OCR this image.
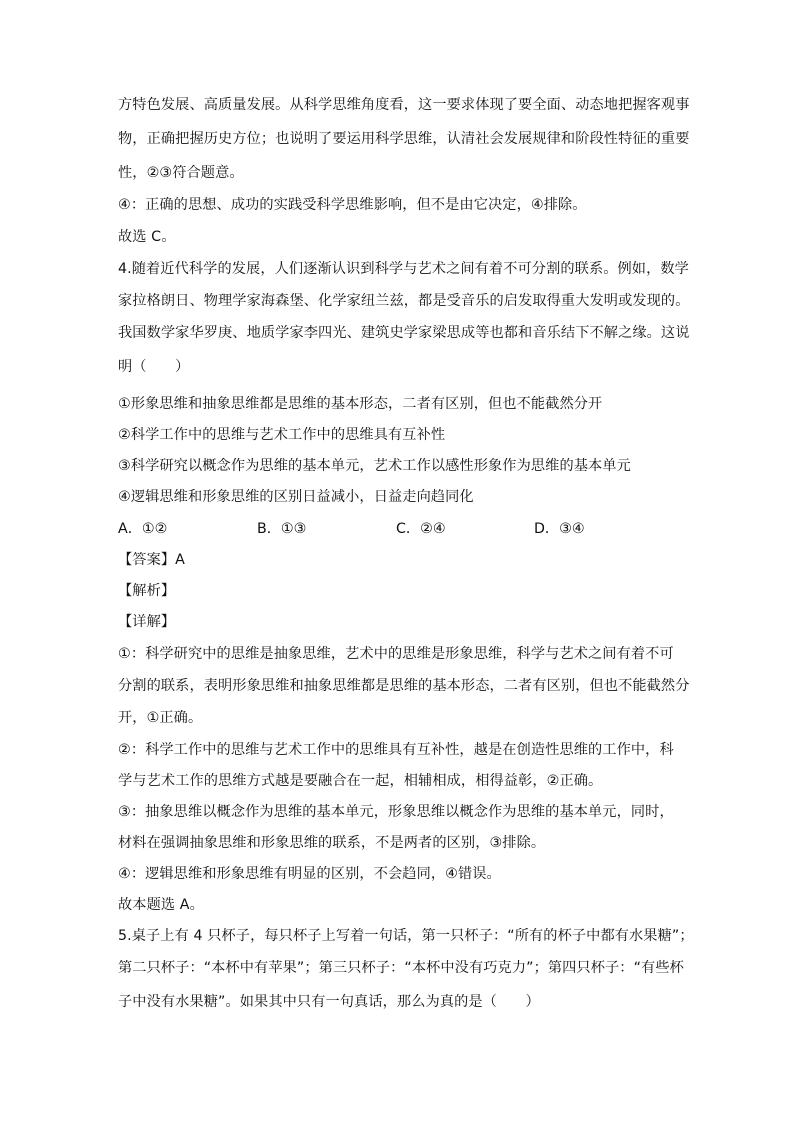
方特色发展、高质量发展。从科学思维角度看，这一要求体现了要全面、动态地把握客观事
物，正确把握历史方位；也说明了要运用科学思维，认清社会发展规律和阶段性特征的重要
性，②③符合题意。
④：正确的思想、成功的实践受科学思维影响，但不是由它决定，④排除。
故选 C。
4.随着近代科学的发展，人们逐渐认识到科学与艺术之间有着不可分割的联系。例如，数学
家拉格朗日、物理学家海森堡、化学家纽兰兹，都是受音乐的启发取得重大发明或发现的。
我国数学家华罗庚、地质学家李四光、建筑史学家梁思成等也都和音乐结下不解之缘。这说
明（　　）
①形象思维和抽象思维都是思维的基本形态，二者有区别，但也不能截然分开
②科学工作中的思维与艺术工作中的思维具有互补性
③科学研究以概念作为思维的基本单元，艺术工作以感性形象作为思维的基本单元
④逻辑思维和形象思维的区别日益减小，日益走向趋同化
A．①②	B．①③	C．②④	D．③④
【答案】A
【解析】
【详解】
①：科学研究中的思维是抽象思维，艺术中的思维是形象思维，科学与艺术之间有着不可
分割的联系，表明形象思维和抽象思维都是思维的基本形态，二者有区别，但也不能截然分
开，①正确。
②：科学工作中的思维与艺术工作中的思维具有互补性，越是在创造性思维的工作中，科
学与艺术工作的思维方式越是要融合在一起，相辅相成，相得益彰，②正确。
③：抽象思维以概念作为思维的基本单元，形象思维以概念作为思维的基本单元，同时，
材料在强调抽象思维和形象思维的联系，不是两者的区别，③排除。
④：逻辑思维和形象思维有明显的区别，不会趋同，④错误。
故本题选 A。
5.桌子上有 4 只杯子，每只杯子上写着一句话，第一只杯子：“所有的杯子中都有水果糖”；
第二只杯子：“本杯中有苹果”；第三只杯子：“本杯中没有巧克力”；第四只杯子：“有些杯
子中没有水果糖”。如果其中只有一句真话，那么为真的是（　　）
